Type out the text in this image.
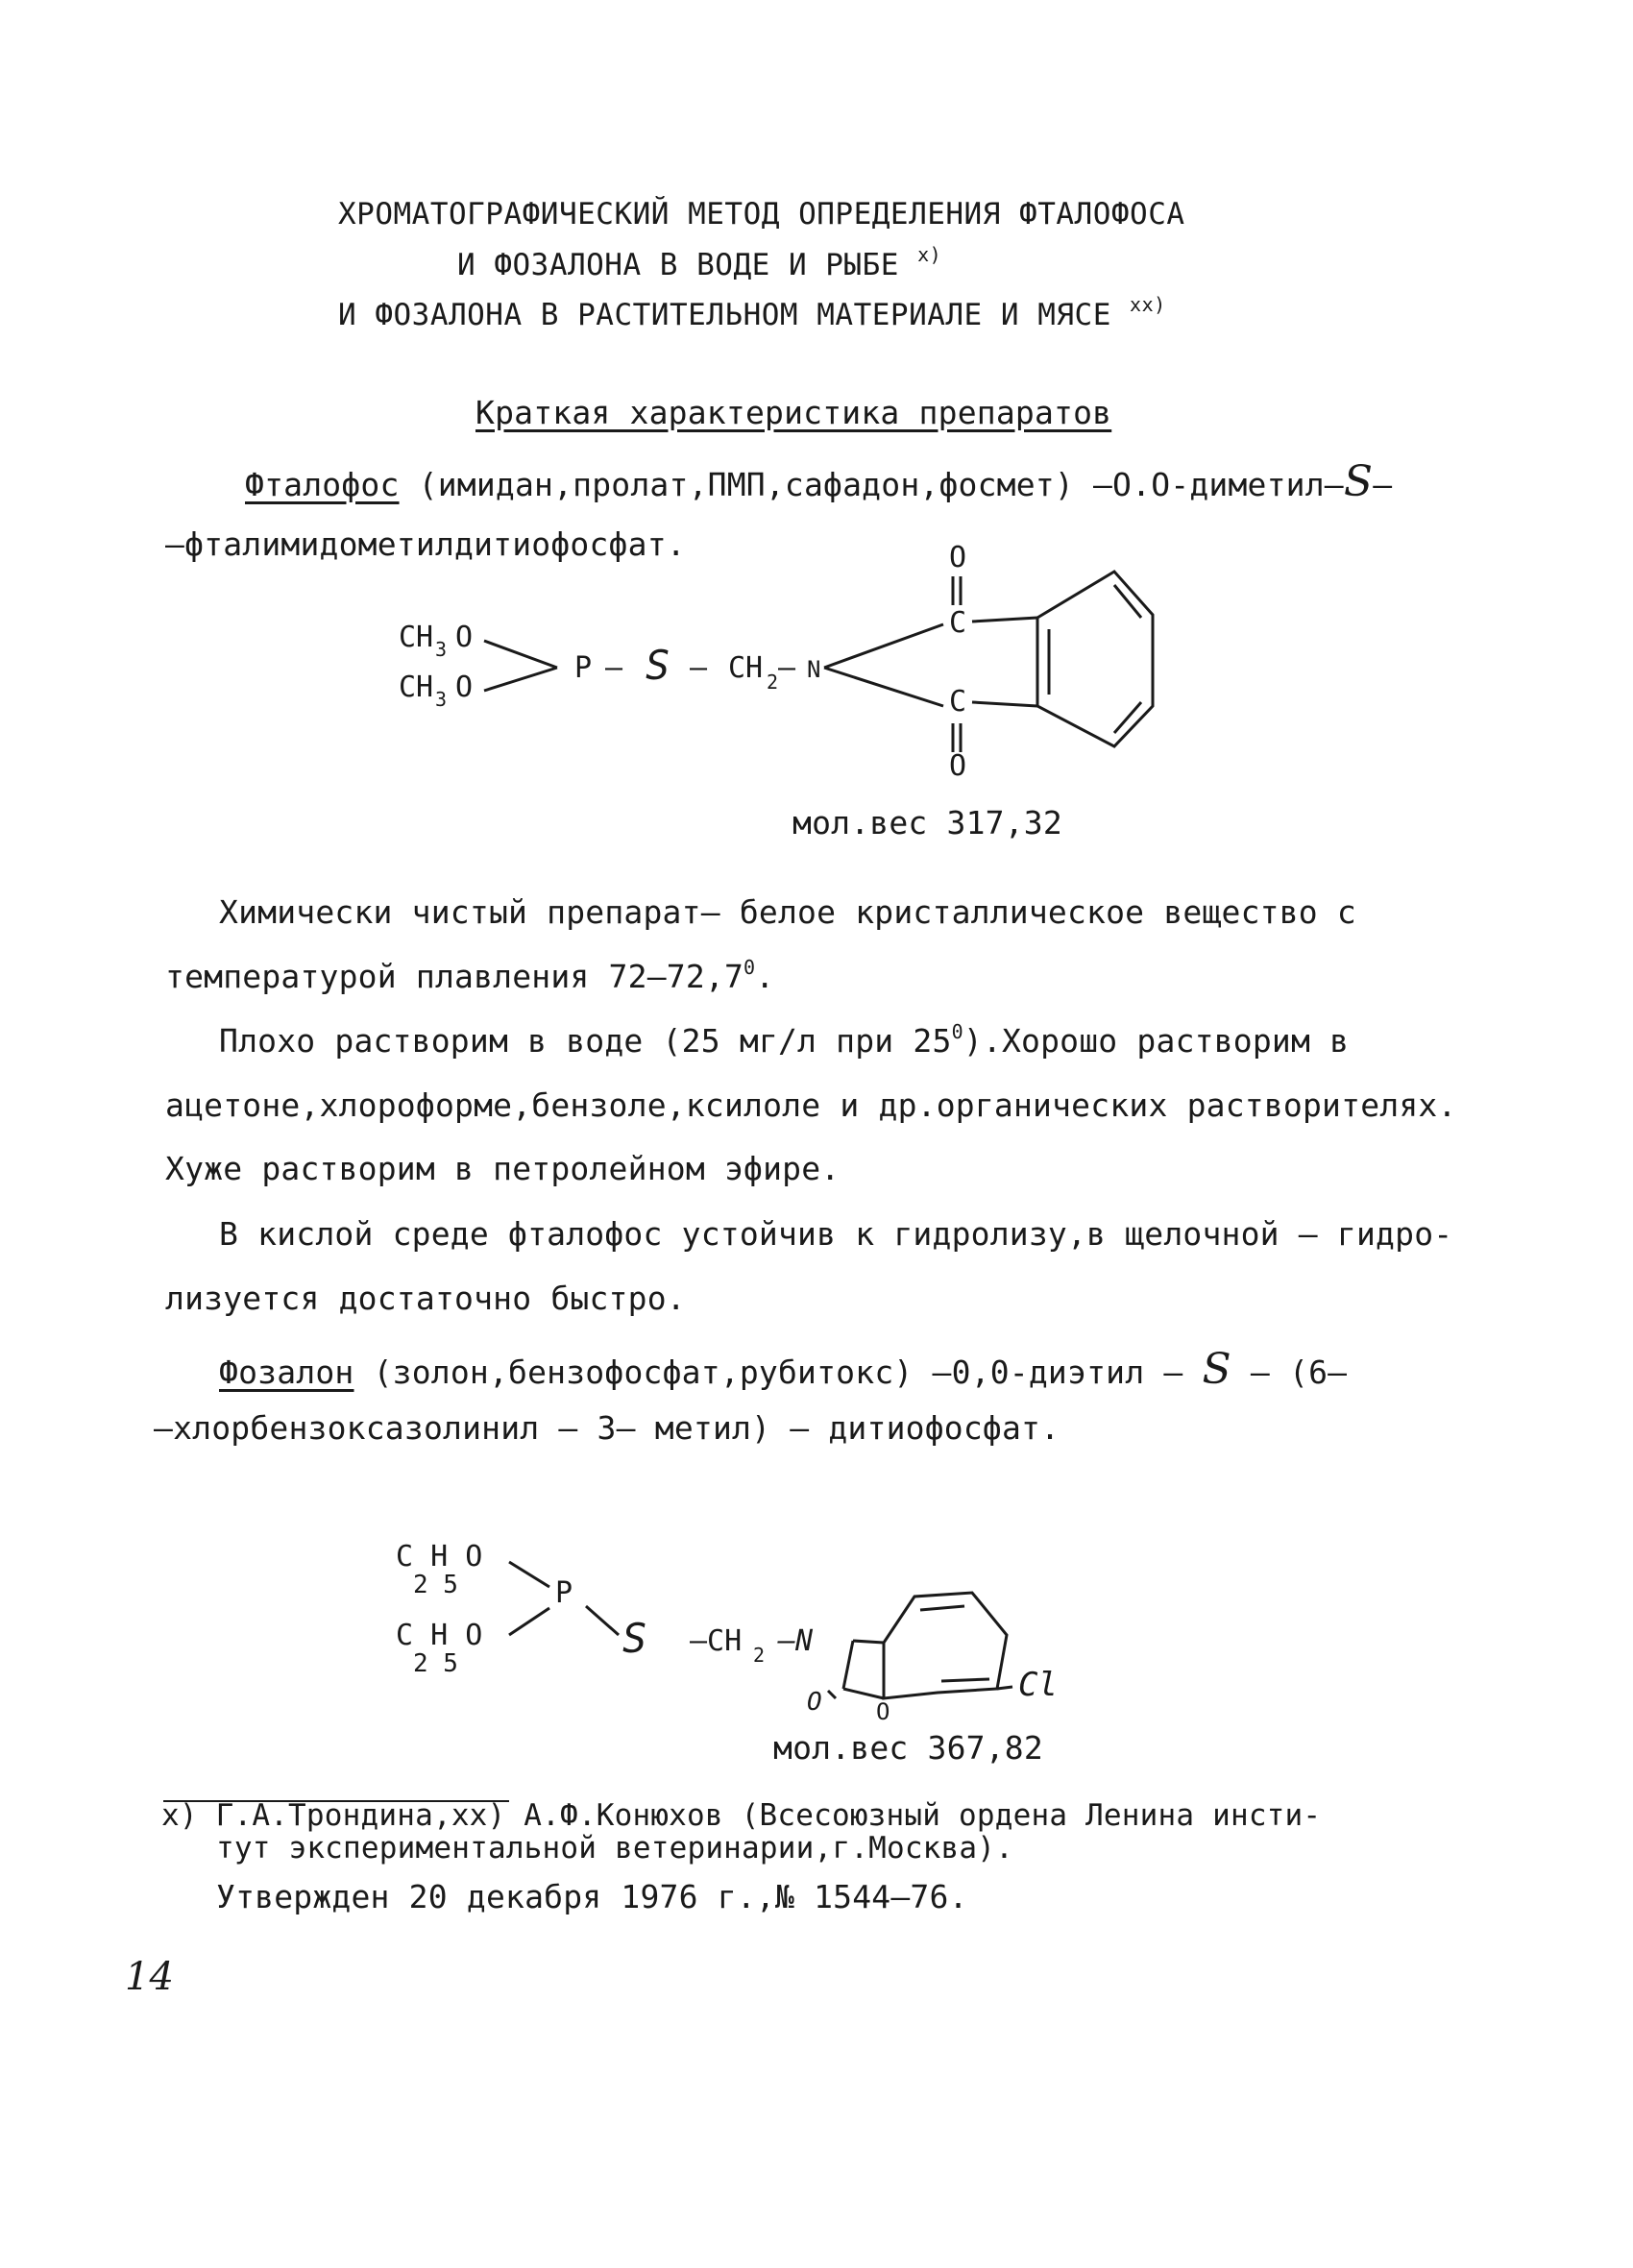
ХРОМАТОГРАФИЧЕСКИЙ МЕТОД ОПРЕДЕЛЕНИЯ ФТАЛОФОСА
И ФОЗАЛОНА В ВОДЕ И РЫБЕ $^{х)}$
И ФОЗАЛОНА В РАСТИТЕЛЬНОМ МАТЕРИАЛЕ И МЯСЕ $^{хх)}$
Краткая характеристика препаратов
Фталофос (имидан,пролат,ПМП,сафадон,фосмет) –О.О-диметил–S–
–фталимидометилдитиофосфат.
CH 3 O
CH 3 O
P – S – CH 2 – N
O
C
C
O
мол.вес 317,32
Химически чистый препарат– белое кристаллическое вещество с
температурой плавления 72–72,7$^0$.
Плохо растворим в воде (25 мг/л при $25^0).Хорошо$ растворим в
ацетоне,хлороформе,бензоле,ксилоле и др.органических растворителях.
Хуже растворим в петролейном эфире.
В кислой среде фталофос устойчив к гидролизу,в щелочной – гидро-
лизуется достаточно быстро.
Фозалон (золон,бензофосфат,рубитокс) –0,0-диэтил – S – (6–
–хлорбензоксазолинил – 3– метил) – дитиофосфат.
C H O
2 5
C H O
2 5
P
S –CH 2 –N
O O
Cl
мол.вес 367,82
х) Г.А.Трондина,хх) А.Ф.Конюхов (Всесоюзный ордена Ленина инсти-
тут экспериментальной ветеринарии,г.Москва).
Утвержден 20 декабря 1976 г.,№ 1544–76.
14
